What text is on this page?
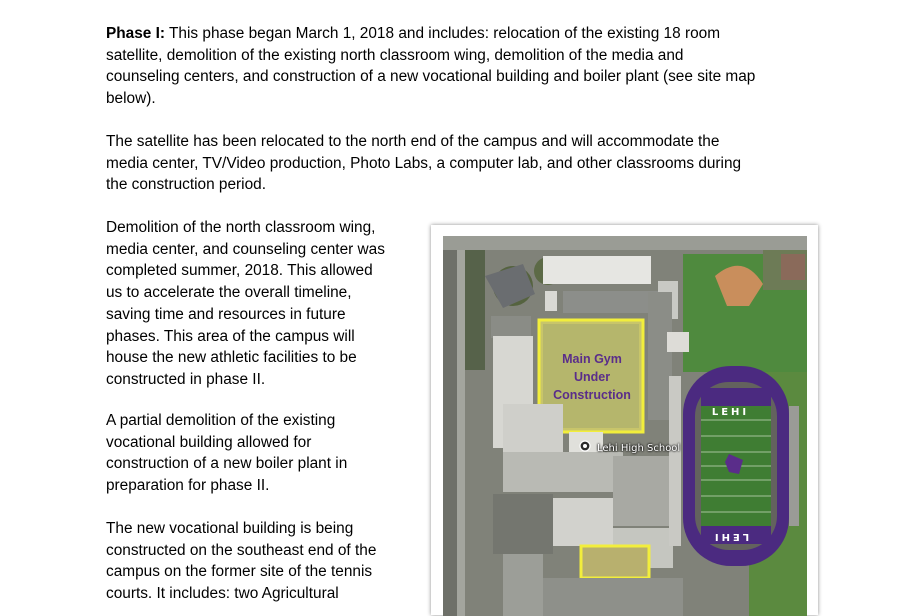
Phase I: This phase began March 1, 2018 and includes: relocation of the existing 18 room
satellite, demolition of the existing north classroom wing, demolition of the media and
counseling centers, and construction of a new vocational building and boiler plant (see site map
below).

The satellite has been relocated to the north end of the campus and will accommodate the
media center, TV/Video production, Photo Labs, a computer lab, and other classrooms during
the construction period.

Demolition of the north classroom wing,
media center, and counseling center was
completed summer, 2018. This allowed
us to accelerate the overall timeline,
saving time and resources in future
phases. This area of the campus will
house the new athletic facilities to be
constructed in phase II.

A partial demolition of the existing
vocational building allowed for
construction of a new boiler plant in
preparation for phase II.

The new vocational building is being
constructed on the southeast end of the
campus on the former site of the tennis
courts. It includes: two Agricultural

Main Gym
Under
Construction
Lehi High School
LEHI
LEHI
